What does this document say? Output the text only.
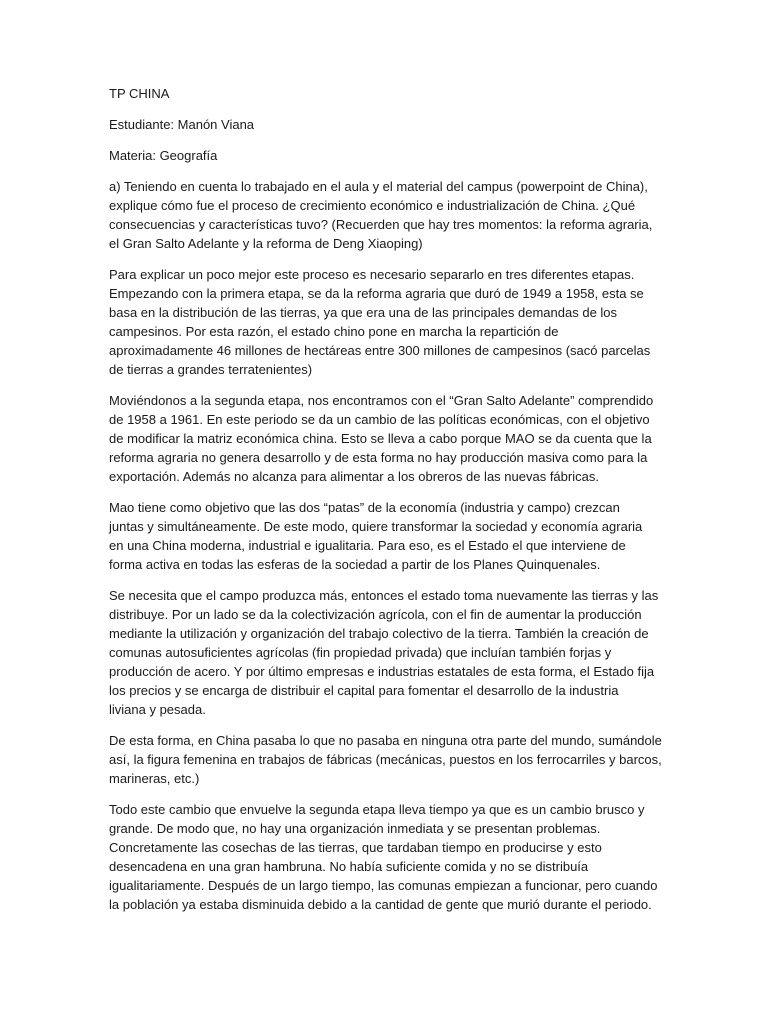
TP CHINA
Estudiante: Manón Viana
Materia: Geografía
a) Teniendo en cuenta lo trabajado en el aula y el material del campus (powerpoint de China),
explique cómo fue el proceso de crecimiento económico e industrialización de China. ¿Qué
consecuencias y características tuvo? (Recuerden que hay tres momentos: la reforma agraria,
el Gran Salto Adelante y la reforma de Deng Xiaoping)
Para explicar un poco mejor este proceso es necesario separarlo en tres diferentes etapas.
Empezando con la primera etapa, se da la reforma agraria que duró de 1949 a 1958, esta se
basa en la distribución de las tierras, ya que era una de las principales demandas de los
campesinos. Por esta razón, el estado chino pone en marcha la repartición de
aproximadamente 46 millones de hectáreas entre 300 millones de campesinos (sacó parcelas
de tierras a grandes terratenientes)
Moviéndonos a la segunda etapa, nos encontramos con el “Gran Salto Adelante” comprendido
de 1958 a 1961. En este periodo se da un cambio de las políticas económicas, con el objetivo
de modificar la matriz económica china. Esto se lleva a cabo porque MAO se da cuenta que la
reforma agraria no genera desarrollo y de esta forma no hay producción masiva como para la
exportación. Además no alcanza para alimentar a los obreros de las nuevas fábricas.
Mao tiene como objetivo que las dos “patas” de la economía (industria y campo) crezcan
juntas y simultáneamente. De este modo, quiere transformar la sociedad y economía agraria
en una China moderna, industrial e igualitaria. Para eso, es el Estado el que interviene de
forma activa en todas las esferas de la sociedad a partir de los Planes Quinquenales.
Se necesita que el campo produzca más, entonces el estado toma nuevamente las tierras y las
distribuye. Por un lado se da la colectivización agrícola, con el fin de aumentar la producción
mediante la utilización y organización del trabajo colectivo de la tierra. También la creación de
comunas autosuficientes agrícolas (fin propiedad privada) que incluían también forjas y
producción de acero. Y por último empresas e industrias estatales de esta forma, el Estado fija
los precios y se encarga de distribuir el capital para fomentar el desarrollo de la industria
liviana y pesada.
De esta forma, en China pasaba lo que no pasaba en ninguna otra parte del mundo, sumándole
así, la figura femenina en trabajos de fábricas (mecánicas, puestos en los ferrocarriles y barcos,
marineras, etc.)
Todo este cambio que envuelve la segunda etapa lleva tiempo ya que es un cambio brusco y
grande. De modo que, no hay una organización inmediata y se presentan problemas.
Concretamente las cosechas de las tierras, que tardaban tiempo en producirse y esto
desencadena en una gran hambruna. No había suficiente comida y no se distribuía
igualitariamente. Después de un largo tiempo, las comunas empiezan a funcionar, pero cuando
la población ya estaba disminuida debido a la cantidad de gente que murió durante el periodo.
